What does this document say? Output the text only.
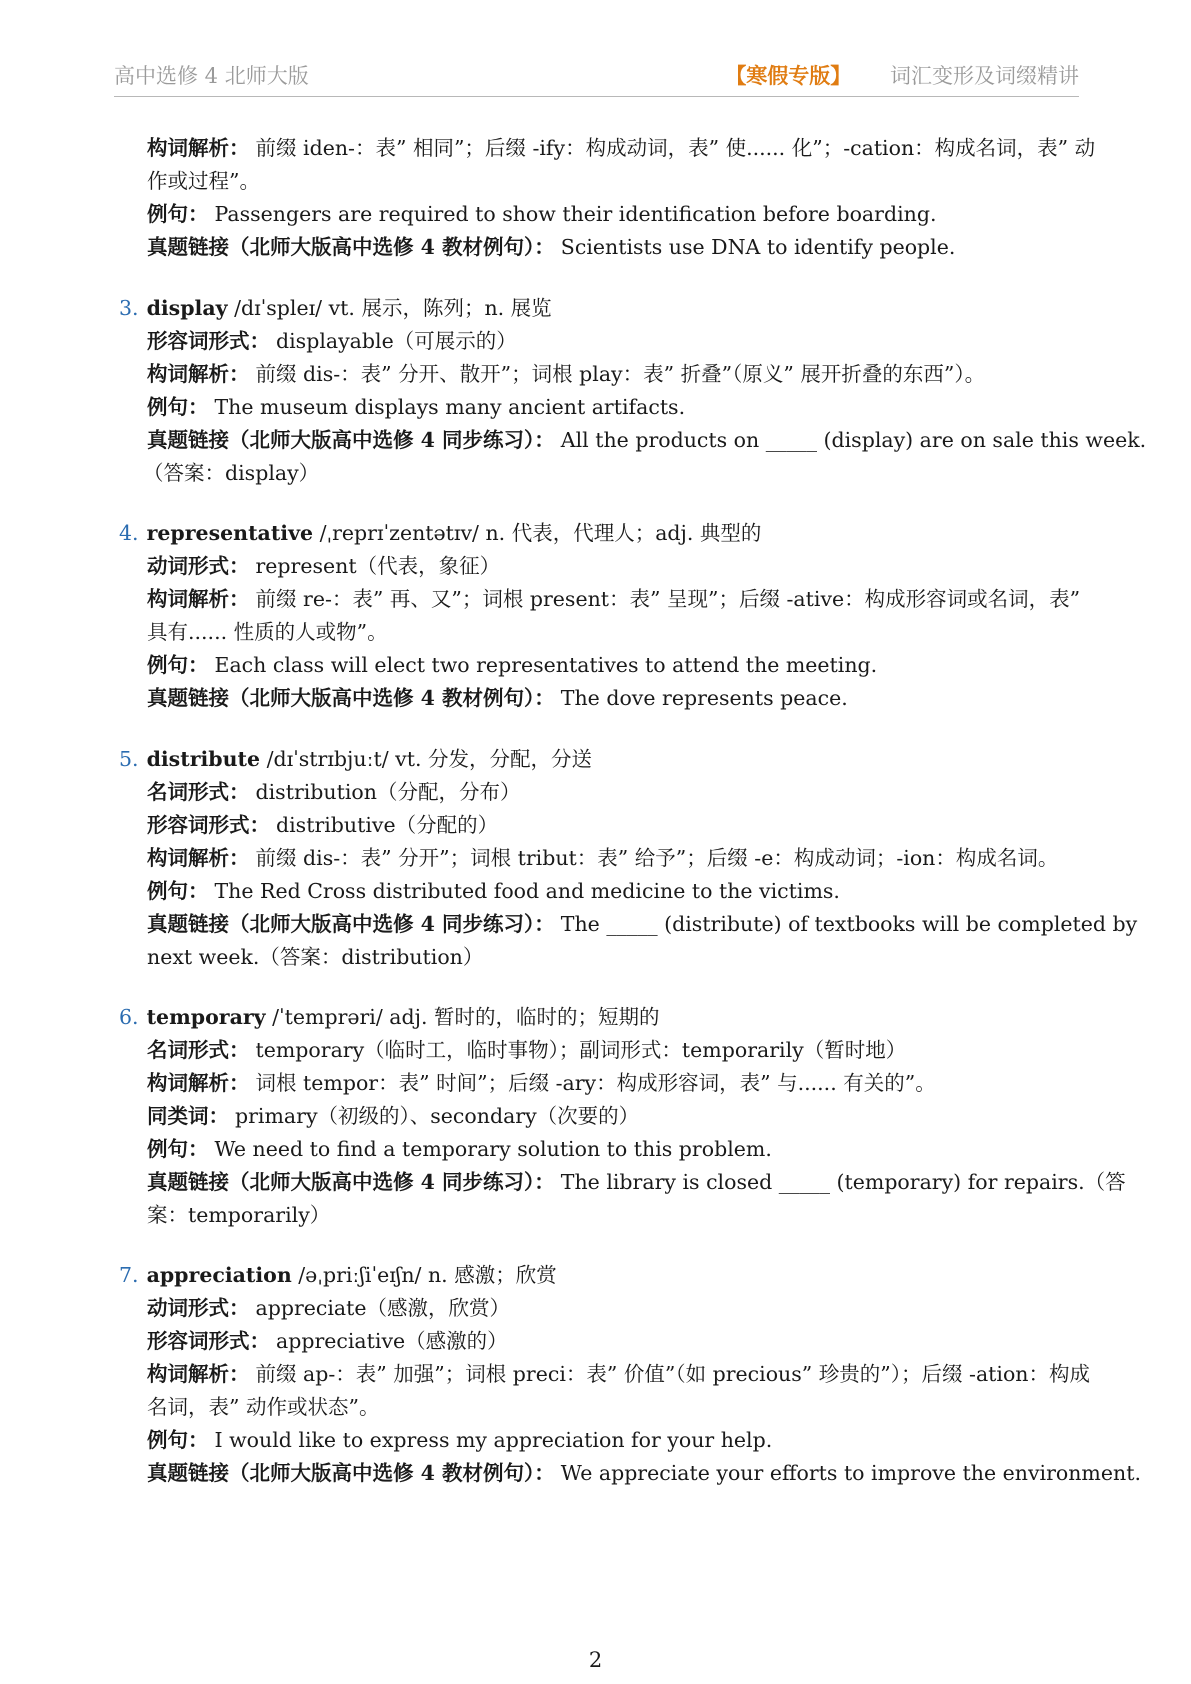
高中选修 4 北师大版	【寒假专版】 词汇变形及词缀精讲
构词解析： 前缀 iden-：表” 相同”；后缀 -ify：构成动词，表” 使...... 化”；-cation：构成名词，表” 动
作或过程”。
例句： Passengers are required to show their identification before boarding.
真题链接（北师大版高中选修 4 教材例句）： Scientists use DNA to identify people.
3. display /dɪˈspleɪ/ vt. 展示，陈列；n. 展览
形容词形式： displayable（可展示的）
构词解析： 前缀 dis-：表” 分开、散开”；词根 play：表” 折叠”（原义” 展开折叠的东西”）。
例句： The museum displays many ancient artifacts.
真题链接（北师大版高中选修 4 同步练习）： All the products on _____ (display) are on sale this week.
（答案：display）
4. representative /ˌreprɪˈzentətɪv/ n. 代表，代理人；adj. 典型的
动词形式： represent（代表，象征）
构词解析： 前缀 re-：表” 再、又”；词根 present：表” 呈现”；后缀 -ative：构成形容词或名词，表”
具有...... 性质的人或物”。
例句： Each class will elect two representatives to attend the meeting.
真题链接（北师大版高中选修 4 教材例句）： The dove represents peace.
5. distribute /dɪˈstrɪbjuːt/ vt. 分发，分配，分送
名词形式： distribution（分配，分布）
形容词形式： distributive（分配的）
构词解析： 前缀 dis-：表” 分开”；词根 tribut：表” 给予”；后缀 -e：构成动词；-ion：构成名词。
例句： The Red Cross distributed food and medicine to the victims.
真题链接（北师大版高中选修 4 同步练习）： The _____ (distribute) of textbooks will be completed by
next week.（答案：distribution）
6. temporary /ˈtemprəri/ adj. 暂时的，临时的；短期的
名词形式： temporary（临时工，临时事物）；副词形式：temporarily（暂时地）
构词解析： 词根 tempor：表” 时间”；后缀 -ary：构成形容词，表” 与...... 有关的”。
同类词： primary（初级的）、secondary（次要的）
例句： We need to find a temporary solution to this problem.
真题链接（北师大版高中选修 4 同步练习）： The library is closed _____ (temporary) for repairs.（答
案：temporarily）
7. appreciation /əˌpriːʃiˈeɪʃn/ n. 感激；欣赏
动词形式： appreciate（感激，欣赏）
形容词形式： appreciative（感激的）
构词解析： 前缀 ap-：表” 加强”；词根 preci：表” 价值”（如 precious” 珍贵的”）；后缀 -ation：构成
名词，表” 动作或状态”。
例句： I would like to express my appreciation for your help.
真题链接（北师大版高中选修 4 教材例句）： We appreciate your efforts to improve the environment.
2
